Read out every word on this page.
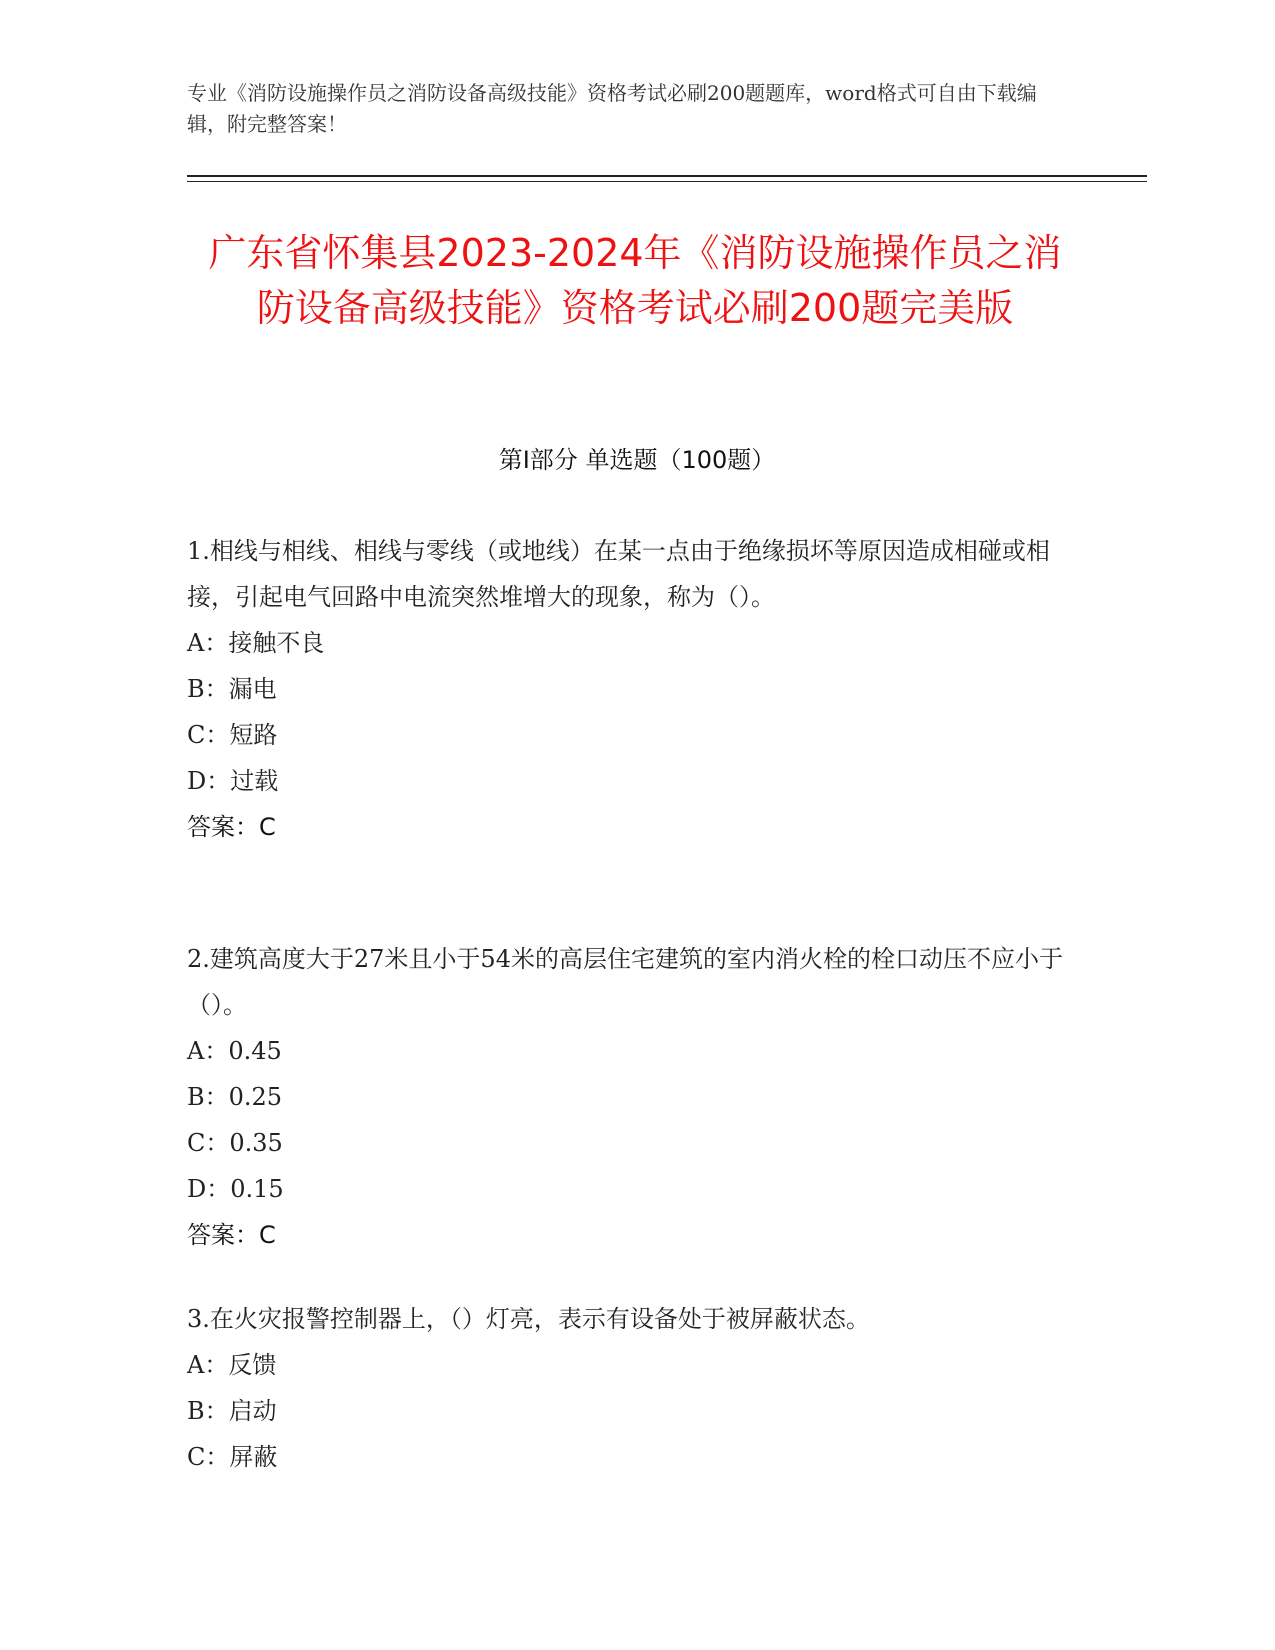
专业《消防设施操作员之消防设备高级技能》资格考试必刷200题题库，word格式可自由下载编辑，附完整答案！
广东省怀集县2023-2024年《消防设施操作员之消防设备高级技能》资格考试必刷200题完美版
第Ⅰ部分 单选题（100题）

1.相线与相线、相线与零线（或地线）在某一点由于绝缘损坏等原因造成相碰或相接，引起电气回路中电流突然堆增大的现象，称为（）。

A：接触不良

B：漏电

C：短路

D：过载

答案：C

2.建筑高度大于27米且小于54米的高层住宅建筑的室内消火栓的栓口动压不应小于（）。

A：0.45

B：0.25

C：0.35

D：0.15

答案：C

3.在火灾报警控制器上，（）灯亮，表示有设备处于被屏蔽状态。

A：反馈

B：启动

C：屏蔽
